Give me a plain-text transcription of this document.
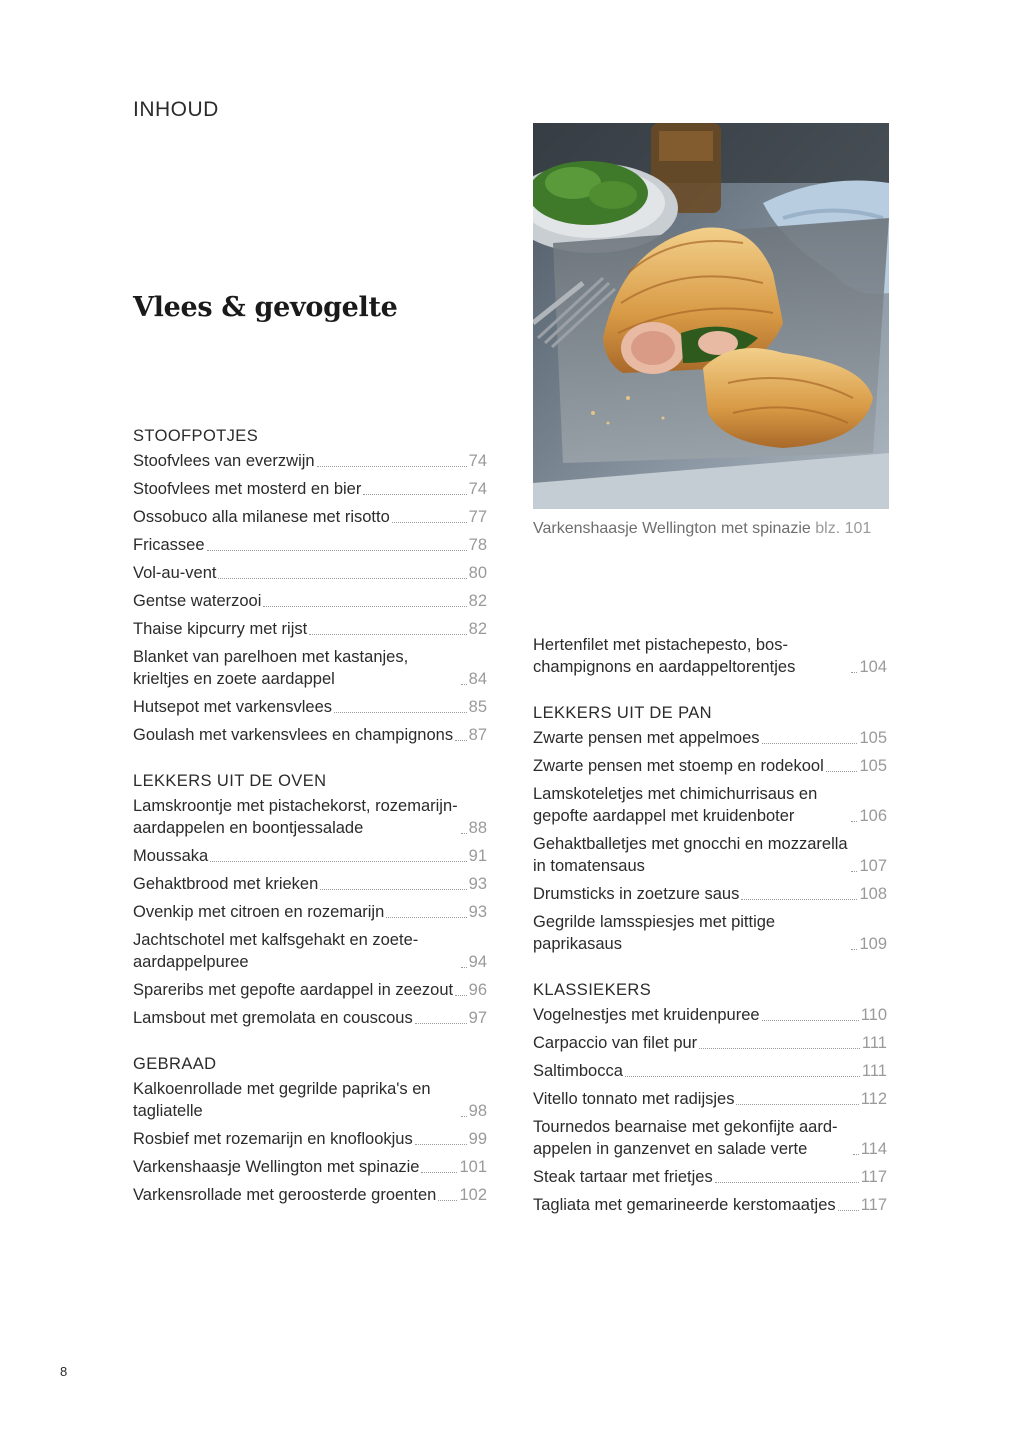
INHOUD
Vlees & gevogelte
Varkenshaasje Wellington met spinazie blz. 101
STOOFPOTJES
Stoofvlees van everzwijn	74
Stoofvlees met mosterd en bier	74
Ossobuco alla milanese met risotto	77
Fricassee	78
Vol-au-vent	80
Gentse waterzooi	82
Thaise kipcurry met rijst	82
Blanket van parelhoen met kastanjes, krieltjes en zoete aardappel	84
Hutsepot met varkensvlees	85
Goulash met varkensvlees en champignons 87
LEKKERS UIT DE OVEN
Lamskroontje met pistachekorst, rozemarijn-aardappelen en boontjessalade	88
Moussaka	91
Gehaktbrood met krieken	93
Ovenkip met citroen en rozemarijn	93
Jachtschotel met kalfsgehakt en zoete-aardappelpuree	94
Spareribs met gepofte aardappel in zeezout 96
Lamsbout met gremolata en couscous	97
GEBRAAD
Kalkoenrollade met gegrilde paprika's en tagliatelle	98
Rosbief met rozemarijn en knoflookjus	99
Varkenshaasje Wellington met spinazie 101
Varkensrollade met geroosterde groenten 102
Hertenfilet met pistachepesto, bos-champignons en aardappeltorentjes	104
LEKKERS UIT DE PAN
Zwarte pensen met appelmoes	105
Zwarte pensen met stoemp en rodekool 105
Lamskoteletjes met chimichurrisaus en gepofte aardappel met kruidenboter	106
Gehaktballetjes met gnocchi en mozzarella in tomatensaus	107
Drumsticks in zoetzure saus	108
Gegrilde lamsspiesjes met pittige paprikasaus	109
KLASSIEKERS
Vogelnestjes met kruidenpuree	110
Carpaccio van filet pur	111
Saltimbocca	111
Vitello tonnato met radijsjes	112
Tournedos bearnaise met gekonfijte aard-appelen in ganzenvet en salade verte	114
Steak tartaar met frietjes	117
Tagliata met gemarineerde kerstomaatjes 117
8
